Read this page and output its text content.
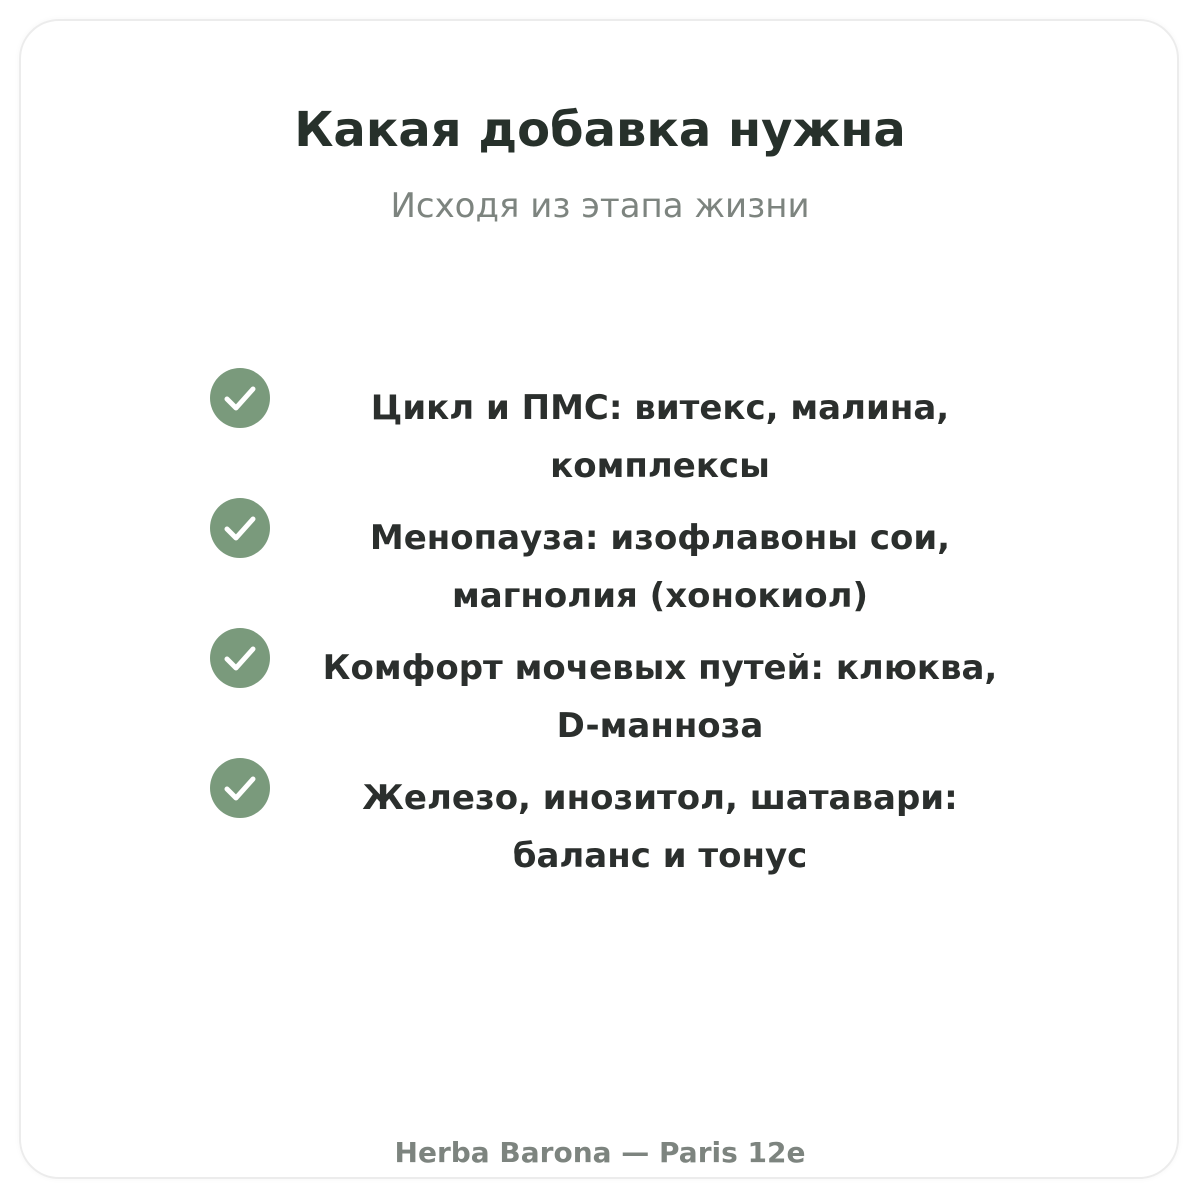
Какая добавка нужна
Исходя из этапа жизни
Цикл и ПМС: витекс, малина, комплексы
Менопауза: изофлавоны сои, магнолия (хонокиол)
Комфорт мочевых путей: клюква, D-манноза
Железо, инозитол, шатавари: баланс и тонус
Herba Barona — Paris 12e
